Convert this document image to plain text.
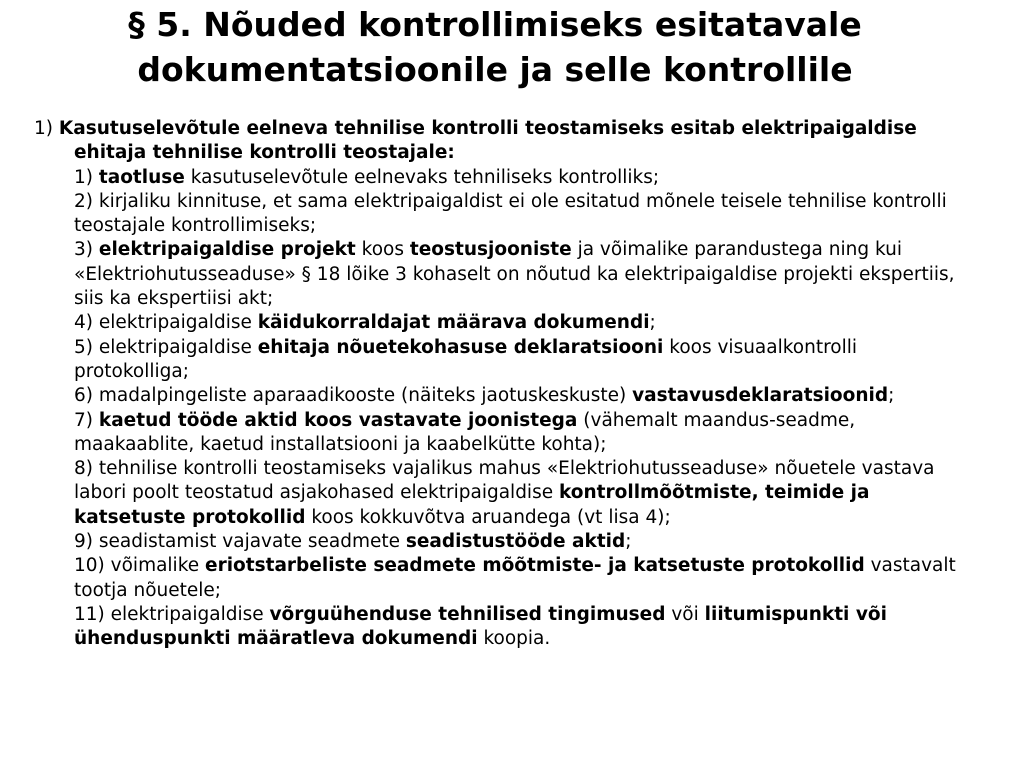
§ 5. Nõuded kontrollimiseks esitatavale
dokumentatsioonile ja selle kontrollile

1) Kasutuselevõtule eelneva tehnilise kontrolli teostamiseks esitab elektripaigaldise ehitaja tehnilise kontrolli teostajale:

1) taotluse kasutuselevõtule eelnevaks tehniliseks kontrolliks;
2) kirjaliku kinnituse, et sama elektripaigaldist ei ole esitatud mõnele teisele tehnilise kontrolli teostajale kontrollimiseks;
3) elektripaigaldise projekt koos teostusjooniste ja võimalike parandustega ning kui «Elektriohutusseaduse» § 18 lõike 3 kohaselt on nõutud ka elektripaigaldise projekti ekspertiis, siis ka ekspertiisi akt;
4) elektripaigaldise käidukorraldajat määrava dokumendi;
5) elektripaigaldise ehitaja nõuetekohasuse deklaratsiooni koos visuaalkontrolli protokolliga;
6) madalpingeliste aparaadikooste (näiteks jaotuskeskuste) vastavusdeklaratsioonid;
7) kaetud tööde aktid koos vastavate joonistega (vähemalt maandus-seadme, maakaablite, kaetud installatsiooni ja kaabelkütte kohta);
8) tehnilise kontrolli teostamiseks vajalikus mahus «Elektriohutusseaduse» nõuetele vastava labori poolt teostatud asjakohased elektripaigaldise kontrollmõõtmiste, teimide ja katsetuste protokollid koos kokkuvõtva aruandega (vt lisa 4);
9) seadistamist vajavate seadmete seadistustööde aktid;
10) võimalike eriotstarbeliste seadmete mõõtmiste- ja katsetuste protokollid vastavalt tootja nõuetele;
11) elektripaigaldise võrguühenduse tehnilised tingimused või liitumispunkti või ühenduspunkti määratleva dokumendi koopia.
